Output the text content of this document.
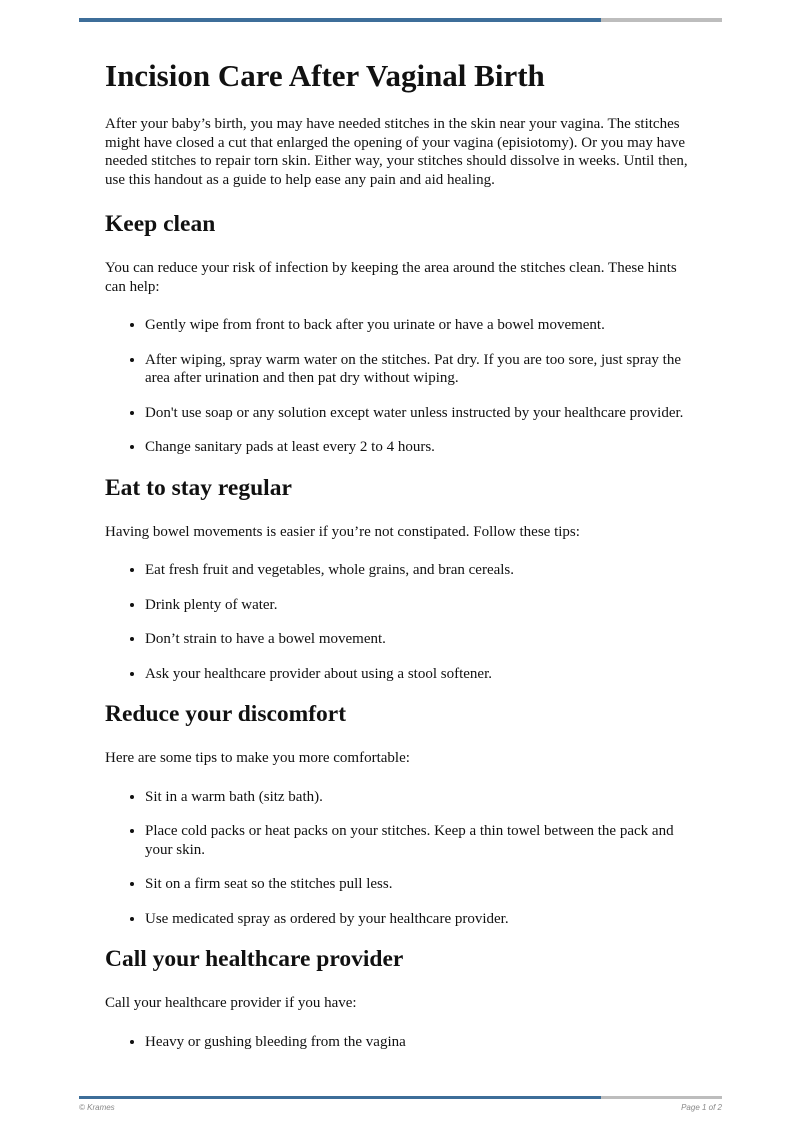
Incision Care After Vaginal Birth

After your baby’s birth, you may have needed stitches in the skin near your vagina. The stitches might have closed a cut that enlarged the opening of your vagina (episiotomy). Or you may have needed stitches to repair torn skin. Either way, your stitches should dissolve in weeks. Until then, use this handout as a guide to help ease any pain and aid healing.

Keep clean

You can reduce your risk of infection by keeping the area around the stitches clean. These hints can help:

• Gently wipe from front to back after you urinate or have a bowel movement.
• After wiping, spray warm water on the stitches. Pat dry. If you are too sore, just spray the area after urination and then pat dry without wiping.
• Don't use soap or any solution except water unless instructed by your healthcare provider.
• Change sanitary pads at least every 2 to 4 hours.
Eat to stay regular

Having bowel movements is easier if you’re not constipated. Follow these tips:

• Eat fresh fruit and vegetables, whole grains, and bran cereals.
• Drink plenty of water.
• Don’t strain to have a bowel movement.
• Ask your healthcare provider about using a stool softener.
Reduce your discomfort

Here are some tips to make you more comfortable:

• Sit in a warm bath (sitz bath).
• Place cold packs or heat packs on your stitches. Keep a thin towel between the pack and your skin.
• Sit on a firm seat so the stitches pull less.
• Use medicated spray as ordered by your healthcare provider.
Call your healthcare provider

Call your healthcare provider if you have:

• Heavy or gushing bleeding from the vagina
© Krames	Page 1 of 2
